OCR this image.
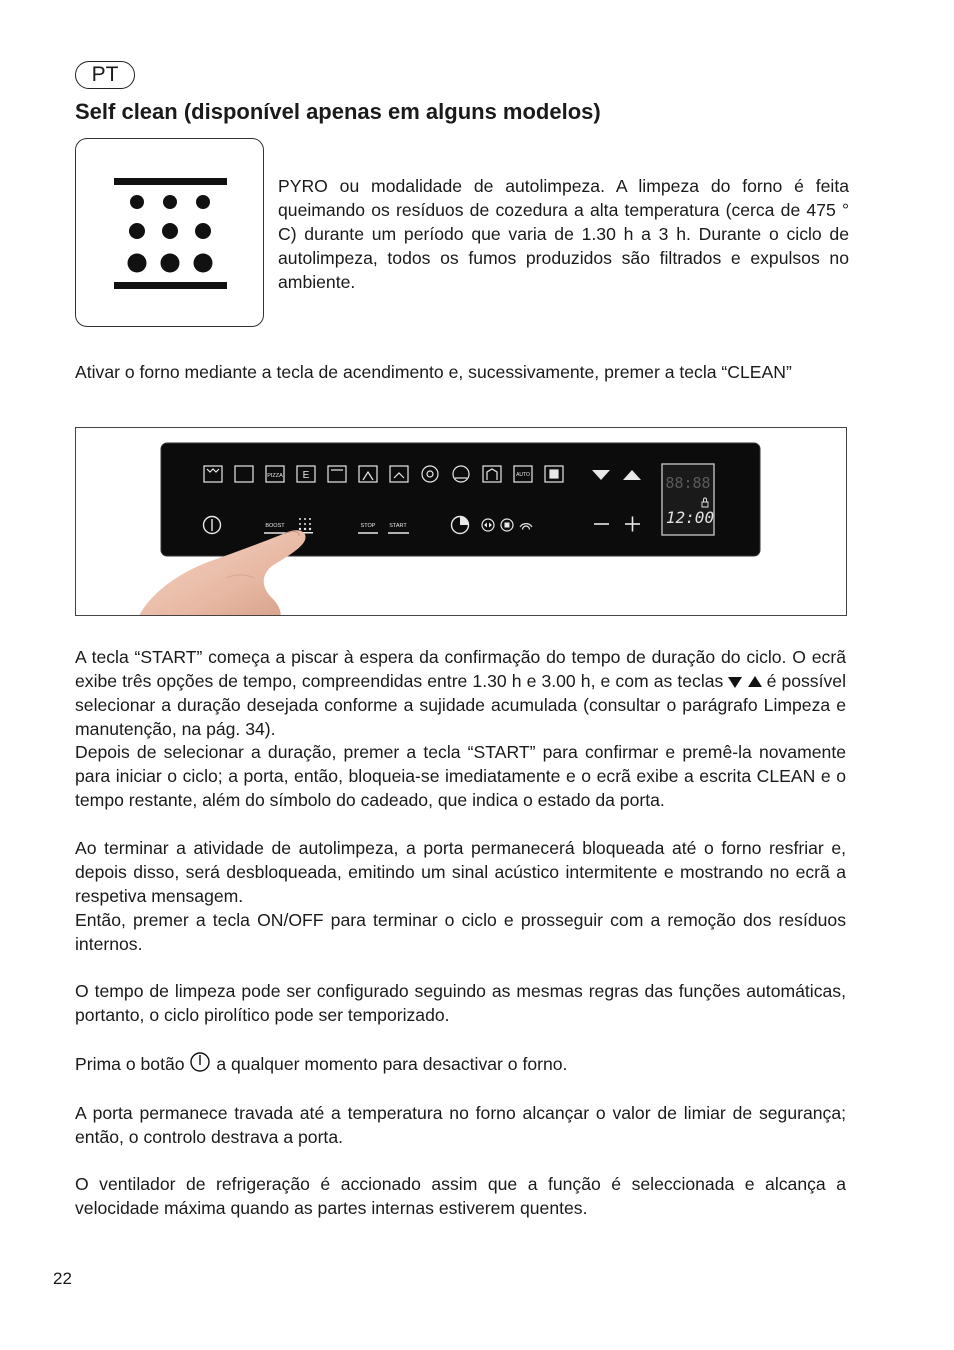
PT
Self clean (disponível apenas em alguns modelos)

PYRO ou modalidade de autolimpeza. A limpeza do forno é feita queimando os resíduos de cozedura a alta temperatura (cerca de 475 ° C) durante um período que varia de 1.30 h a 3 h. Durante o ciclo de autolimpeza, todos os fumos produzidos são filtrados e expulsos no ambiente.

Ativar o forno mediante a tecla de acendimento e, sucessivamente, premer a tecla “CLEAN”

PIZZA E	AUTO
BOOST	STOP	START
88:88
12:00

A tecla “START” começa a piscar à espera da confirmação do tempo de duração do ciclo. O ecrã exibe três opções de tempo, compreendidas entre 1.30 h e 3.00 h, e com as teclas é possível selecionar a duração desejada conforme a sujidade acumulada (consultar o parágrafo Limpeza e manutenção, na pág. 34).

Depois de selecionar a duração, premer a tecla “START” para confirmar e premê-la novamente para iniciar o ciclo; a porta, então, bloqueia-se imediatamente e o ecrã exibe a escrita CLEAN e o tempo restante, além do símbolo do cadeado, que indica o estado da porta.

Ao terminar a atividade de autolimpeza, a porta permanecerá bloqueada até o forno resfriar e, depois disso, será desbloqueada, emitindo um sinal acústico intermitente e mostrando no ecrã a respetiva mensagem.

Então, premer a tecla ON/OFF para terminar o ciclo e prosseguir com a remoção dos resíduos internos.

O tempo de limpeza pode ser configurado seguindo as mesmas regras das funções automáticas, portanto, o ciclo pirolítico pode ser temporizado.

Prima o botão a qualquer momento para desactivar o forno.

A porta permanece travada até a temperatura no forno alcançar o valor de limiar de segurança; então, o controlo destrava a porta.

O ventilador de refrigeração é accionado assim que a função é seleccionada e alcança a velocidade máxima quando as partes internas estiverem quentes.

22
